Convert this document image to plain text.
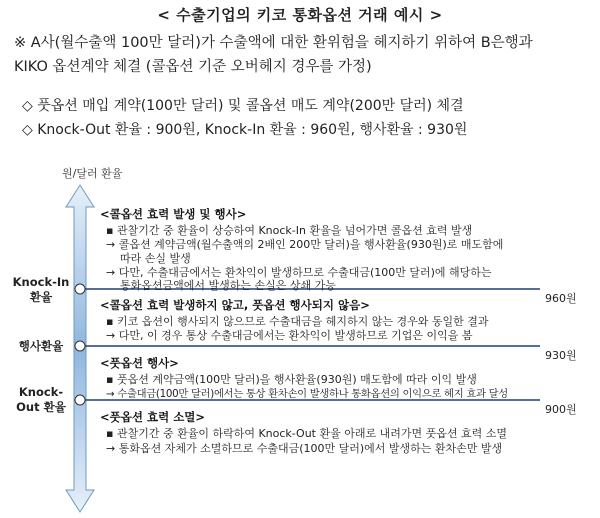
< 수출기업의 키코 통화옵션 거래 예시 >
※ A사(월수출액 100만 달러)가 수출액에 대한 환위험을 헤지하기 위하여 B은행과
KIKO 옵션계약 체결 (콜옵션 기준 오버헤지 경우를 가정)
◇ 풋옵션 매입 계약(100만 달러) 및 콜옵션 매도 계약(200만 달러) 체결
◇ Knock-Out 환율 : 900원, Knock-In 환율 : 960원, 행사환율 : 930원
원/달러 환율
Knock-In 환율
행사환율
Knock-Out 환율
960원
930원
900원
<콜옵션 효력 발생 및 행사>
▪ 관찰기간 중 환율이 상승하여 Knock-In 환율을 넘어가면 콜옵션 효력 발생
→ 콜옵션 계약금액(월수출액의 2배인 200만 달러)을 행사환율(930원)로 매도함에
따라 손실 발생
→ 다만, 수출대금에서는 환차익이 발생하므로 수출대금(100만 달러)에 해당하는
통화옵션금액에서 발생하는 손실은 상쇄 가능
<콜옵션 효력 발생하지 않고, 풋옵션 행사되지 않음>
▪ 키코 옵션이 행사되지 않으므로 수출대금을 헤지하지 않는 경우와 동일한 결과
→ 다만, 이 경우 통상 수출대금에서는 환차익이 발생하므로 기업은 이익을 봄
<풋옵션 행사>
▪ 풋옵션 계약금액(100만 달러)을 행사환율(930원) 매도함에 따라 이익 발생
→ 수출대금(100만 달러)에서는 통상 환차손이 발생하나 통화옵션의 이익으로 헤지 효과 달성
<풋옵션 효력 소멸>
▪ 관찰기간 중 환율이 하락하여 Knock-Out 환율 아래로 내려가면 풋옵션 효력 소멸
→ 통화옵션 자체가 소멸하므로 수출대금(100만 달러)에서 발생하는 환차손만 발생
